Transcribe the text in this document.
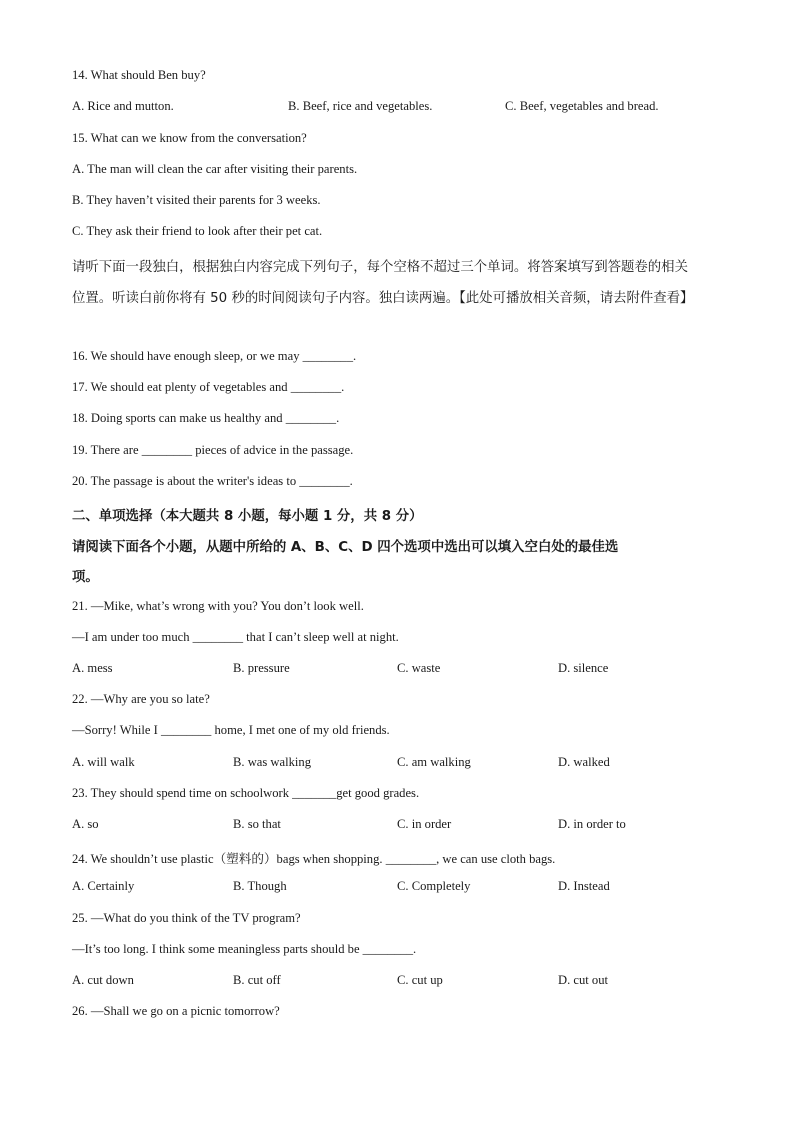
14. What should Ben buy?
A. Rice and mutton.	B. Beef, rice and vegetables.	C. Beef, vegetables and bread.
15. What can we know from the conversation?
A. The man will clean the car after visiting their parents.
B. They haven’t visited their parents for 3 weeks.
C. They ask their friend to look after their pet cat.
请听下面一段独白，根据独白内容完成下列句子，每个空格不超过三个单词。将答案填写到答题卷的相关
位置。听读白前你将有 50 秒的时间阅读句子内容。独白读两遍。【此处可播放相关音频，请去附件查看】
16. We should have enough sleep, or we may ________.
17. We should eat plenty of vegetables and ________.
18. Doing sports can make us healthy and ________.
19. There are ________ pieces of advice in the passage.
20. The passage is about the writer's ideas to ________.
二、单项选择（本大题共 8 小题，每小题 1 分，共 8 分）
请阅读下面各个小题，从题中所给的 A、B、C、D 四个选项中选出可以填入空白处的最佳选
项。
21. —Mike, what’s wrong with you? You don’t look well.
—I am under too much ________ that I can’t sleep well at night.
A. mess	B. pressure	C. waste	D. silence
22. —Why are you so late?
—Sorry! While I ________ home, I met one of my old friends.
A. will walk	B. was walking	C. am walking	D. walked
23. They should spend time on schoolwork _______get good grades.
A. so	B. so that	C. in order	D. in order to
24. We shouldn’t use plastic（塑料的）bags when shopping. ________, we can use cloth bags.
A. Certainly	B. Though	C. Completely	D. Instead
25. —What do you think of the TV program?
—It’s too long. I think some meaningless parts should be ________.
A. cut down	B. cut off	C. cut up	D. cut out
26. —Shall we go on a picnic tomorrow?
